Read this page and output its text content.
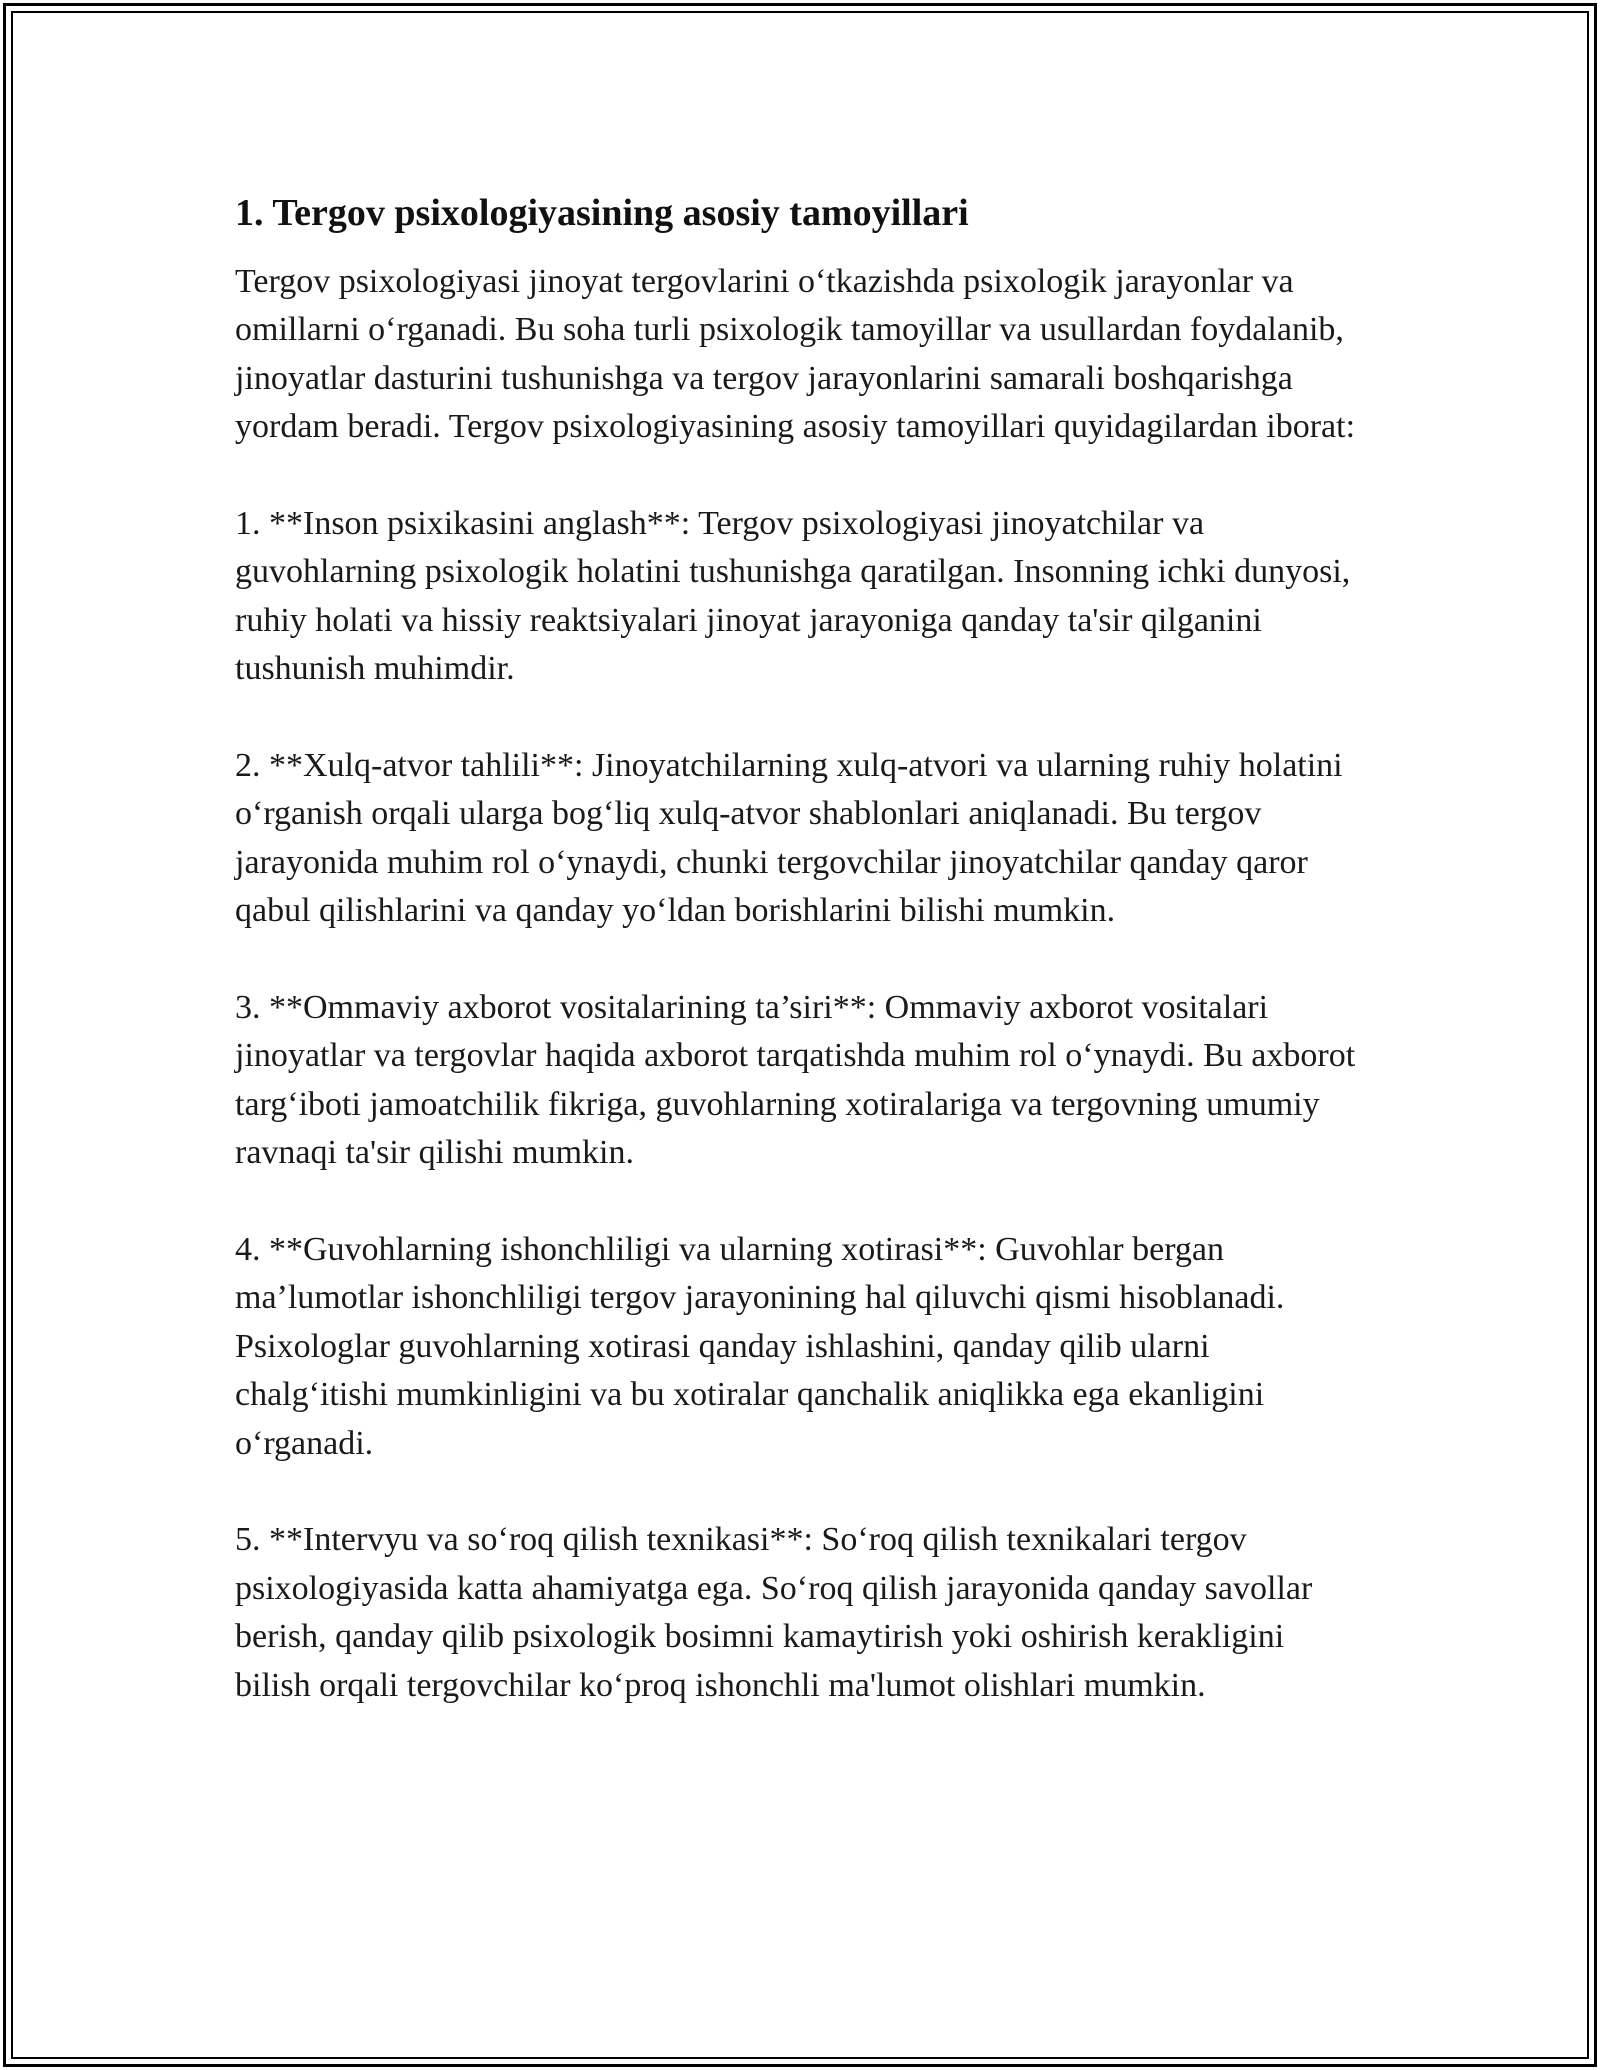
1. Tergov psixologiyasining asosiy tamoyillari

Tergov psixologiyasi jinoyat tergovlarini o‘tkazishda psixologik jarayonlar va omillarni o‘rganadi. Bu soha turli psixologik tamoyillar va usullardan foydalanib, jinoyatlar dasturini tushunishga va tergov jarayonlarini samarali boshqarishga yordam beradi. Tergov psixologiyasining asosiy tamoyillari quyidagilardan iborat:

1. **Inson psixikasini anglash**: Tergov psixologiyasi jinoyatchilar va guvohlarning psixologik holatini tushunishga qaratilgan. Insonning ichki dunyosi, ruhiy holati va hissiy reaktsiyalari jinoyat jarayoniga qanday ta'sir qilganini tushunish muhimdir.

2. **Xulq-atvor tahlili**: Jinoyatchilarning xulq-atvori va ularning ruhiy holatini o‘rganish orqali ularga bog‘liq xulq-atvor shablonlari aniqlanadi. Bu tergov jarayonida muhim rol o‘ynaydi, chunki tergovchilar jinoyatchilar qanday qaror qabul qilishlarini va qanday yo‘ldan borishlarini bilishi mumkin.

3. **Ommaviy axborot vositalarining ta’siri**: Ommaviy axborot vositalari jinoyatlar va tergovlar haqida axborot tarqatishda muhim rol o‘ynaydi. Bu axborot targ‘iboti jamoatchilik fikriga, guvohlarning xotiralariga va tergovning umumiy ravnaqi ta'sir qilishi mumkin.

4. **Guvohlarning ishonchliligi va ularning xotirasi**: Guvohlar bergan ma’lumotlar ishonchliligi tergov jarayonining hal qiluvchi qismi hisoblanadi. Psixologlar guvohlarning xotirasi qanday ishlashini, qanday qilib ularni chalg‘itishi mumkinligini va bu xotiralar qanchalik aniqlikka ega ekanligini o‘rganadi.

5. **Intervyu va so‘roq qilish texnikasi**: So‘roq qilish texnikalari tergov psixologiyasida katta ahamiyatga ega. So‘roq qilish jarayonida qanday savollar berish, qanday qilib psixologik bosimni kamaytirish yoki oshirish kerakligini bilish orqali tergovchilar ko‘proq ishonchli ma'lumot olishlari mumkin.
